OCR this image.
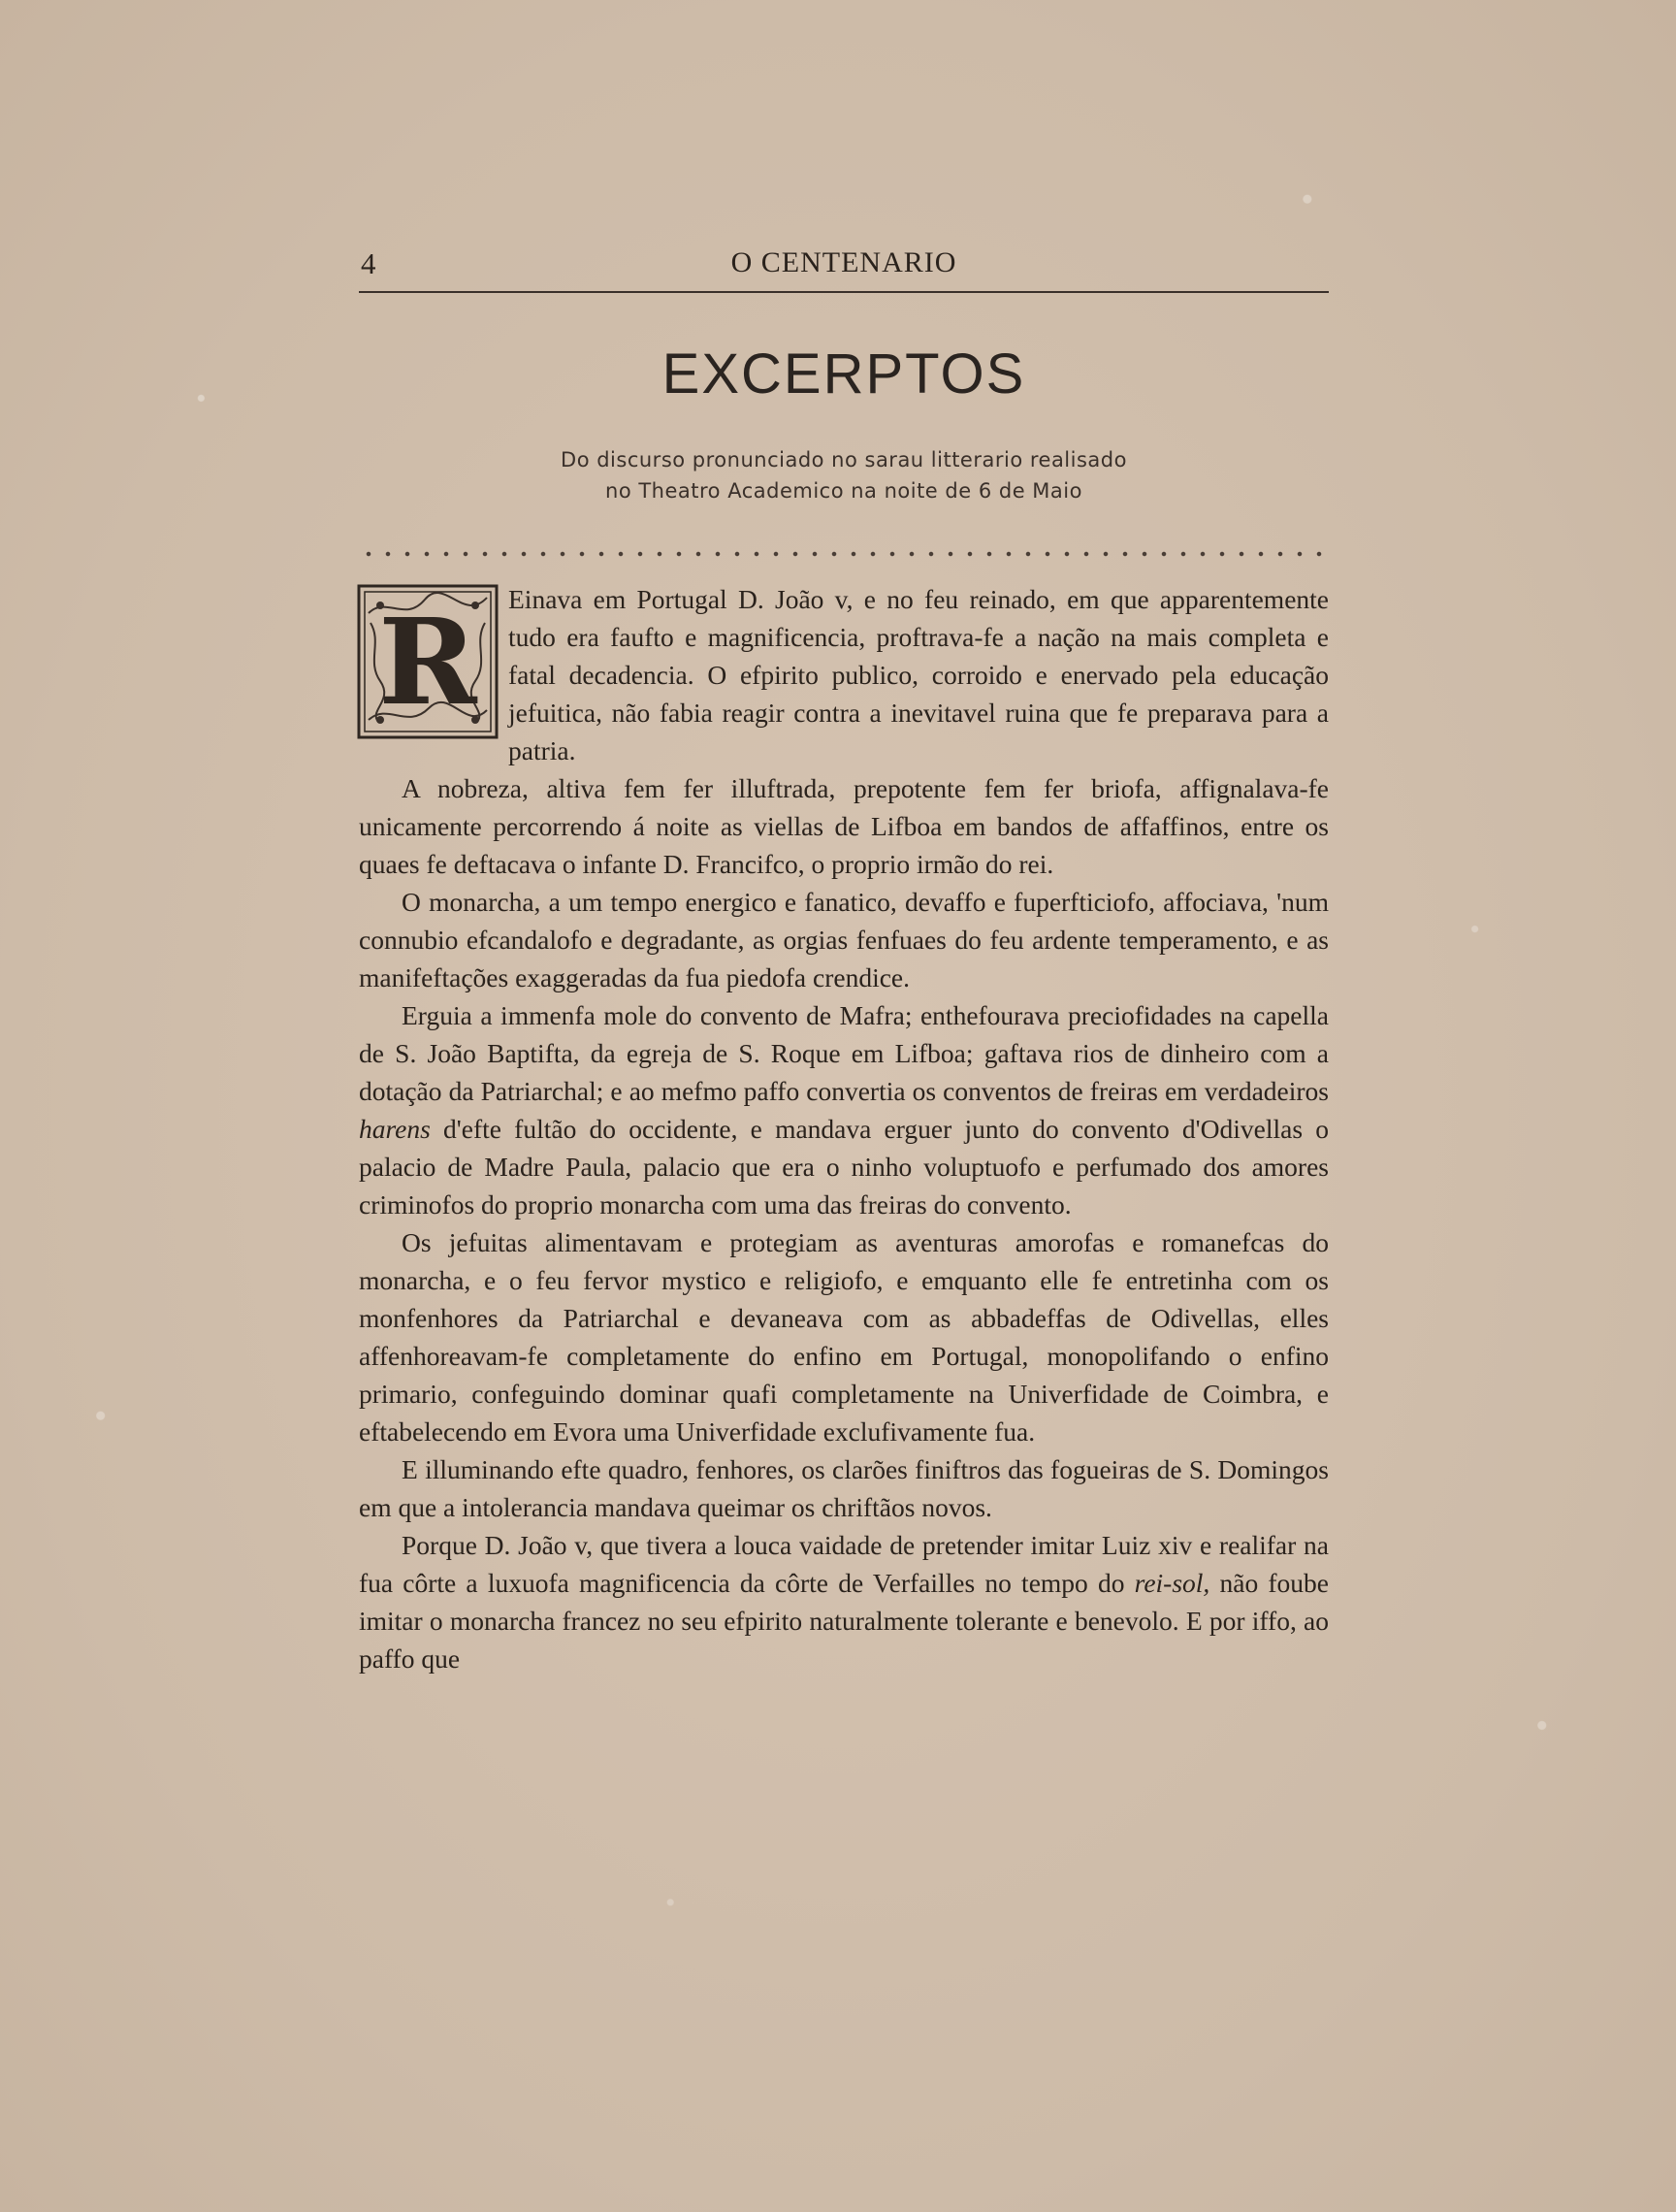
4	O CENTENARIO
EXCERPTOS
Do discurso pronunciado no sarau litterario realisado
no Theatro Academico na noite de 6 de Maio

R	Einava em Portugal D. João v, e no feu reinado, em que apparentemente tudo era faufto e magnificencia, proftrava-fe a nação na mais completa e fatal decadencia. O efpirito publico, corroido e enervado pela educação jefuitica, não fabia reagir contra a inevitavel ruina que fe preparava para a patria.

A nobreza, altiva fem fer illuftrada, prepotente fem fer briofa, affignalava-fe unicamente percorrendo á noite as viellas de Lifboa em bandos de affaffinos, entre os quaes fe deftacava o infante D. Francifco, o proprio irmão do rei.

O monarcha, a um tempo energico e fanatico, devaffo e fuperfticiofo, affociava, 'num connubio efcandalofo e degradante, as orgias fenfuaes do feu ardente temperamento, e as manifeftações exaggeradas da fua piedofa crendice.

Erguia a immenfa mole do convento de Mafra; enthefourava preciofidades na capella de S. João Baptifta, da egreja de S. Roque em Lifboa; gaftava rios de dinheiro com a dotação da Patriarchal; e ao mefmo paffo convertia os conventos de freiras em verdadeiros harens d'efte fultão do occidente, e mandava erguer junto do convento d'Odivellas o palacio de Madre Paula, palacio que era o ninho voluptuofo e perfumado dos amores criminofos do proprio monarcha com uma das freiras do convento.

Os jefuitas alimentavam e protegiam as aventuras amorofas e romanefcas do monarcha, e o feu fervor mystico e religiofo, e emquanto elle fe entretinha com os monfenhores da Patriarchal e devaneava com as abbadeffas de Odivellas, elles affenhoreavam-fe completamente do enfino em Portugal, monopolifando o enfino primario, confeguindo dominar quafi completamente na Univerfidade de Coimbra, e eftabelecendo em Evora uma Univerfidade exclufivamente fua.

E illuminando efte quadro, fenhores, os clarões finiftros das fogueiras de S. Domingos em que a intolerancia mandava queimar os chriftãos novos.

Porque D. João v, que tivera a louca vaidade de pretender imitar Luiz xiv e realifar na fua côrte a luxuofa magnificencia da côrte de Verfailles no tempo do rei-sol, não foube imitar o monarcha francez no seu efpirito naturalmente tolerante e benevolo. E por iffo, ao paffo que
